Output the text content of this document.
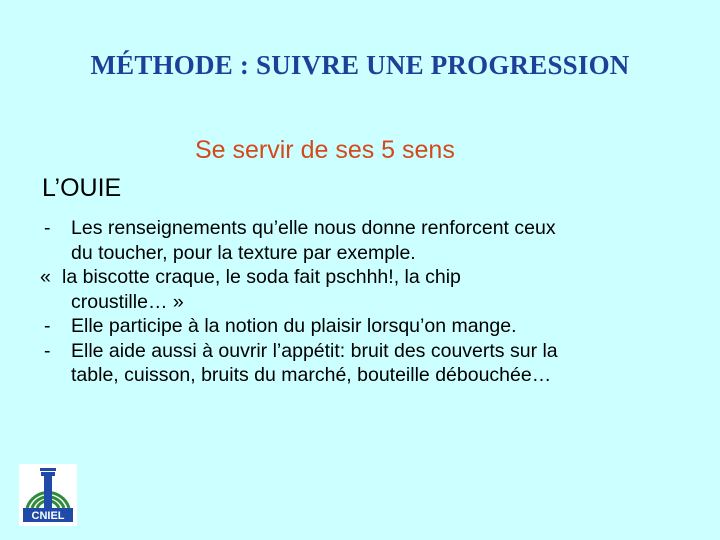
MÉTHODE : SUIVRE UNE PROGRESSION
Se servir de ses 5 sens
L’OUIE
- Les renseignements qu’elle nous donne renforcent ceux
du toucher, pour la texture par exemple.
« la biscotte craque, le soda fait pschhh!, la chip
croustille… »
- Elle participe à la notion du plaisir lorsqu’on mange.
- Elle aide aussi à ouvrir l’appétit: bruit des couverts sur la
table, cuisson, bruits du marché, bouteille débouchée…
CNIEL
